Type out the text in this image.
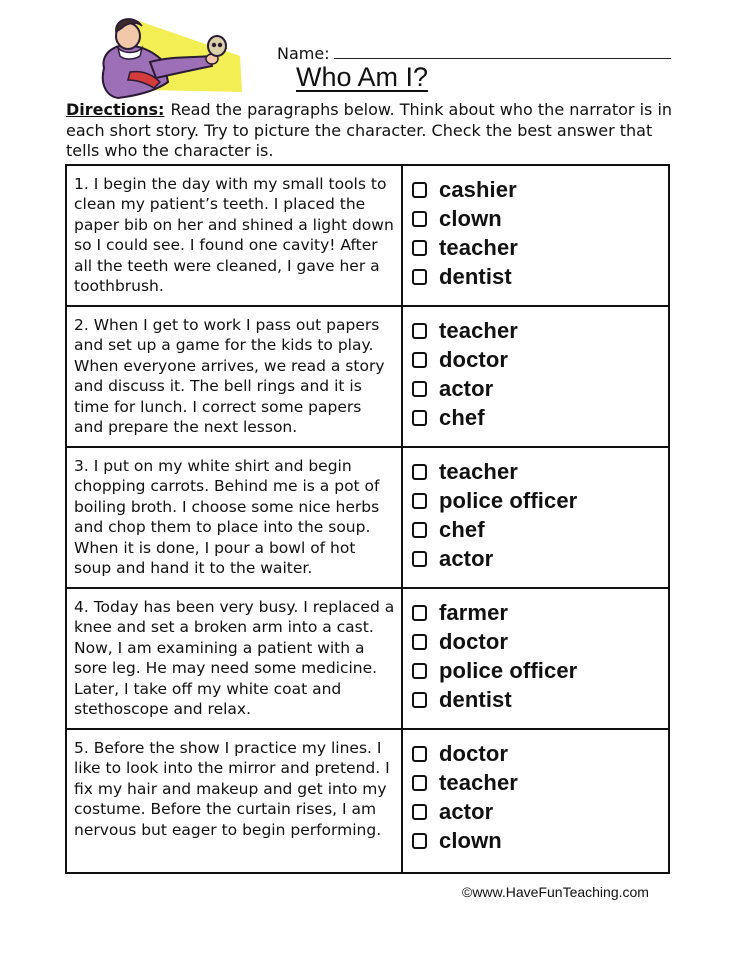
Name:
Who Am I?
Directions: Read the paragraphs below. Think about who the narrator is in each short story. Try to picture the character. Check the best answer that tells who the character is.
1. I begin the day with my small tools to clean my patient’s teeth. I placed the paper bib on her and shined a light down so I could see. I found one cavity! After all the teeth were cleaned, I gave her a toothbrush.
cashier
clown
teacher
dentist
2. When I get to work I pass out papers and set up a game for the kids to play. When everyone arrives, we read a story and discuss it. The bell rings and it is time for lunch. I correct some papers and prepare the next lesson.
teacher
doctor
actor
chef
3. I put on my white shirt and begin chopping carrots. Behind me is a pot of boiling broth. I choose some nice herbs and chop them to place into the soup. When it is done, I pour a bowl of hot soup and hand it to the waiter.
teacher
police officer
chef
actor
4. Today has been very busy. I replaced a knee and set a broken arm into a cast. Now, I am examining a patient with a sore leg. He may need some medicine. Later, I take off my white coat and stethoscope and relax.
farmer
doctor
police officer
dentist
5. Before the show I practice my lines. I like to look into the mirror and pretend. I fix my hair and makeup and get into my costume. Before the curtain rises, I am nervous but eager to begin performing.
doctor
teacher
actor
clown
©www.HaveFunTeaching.com
